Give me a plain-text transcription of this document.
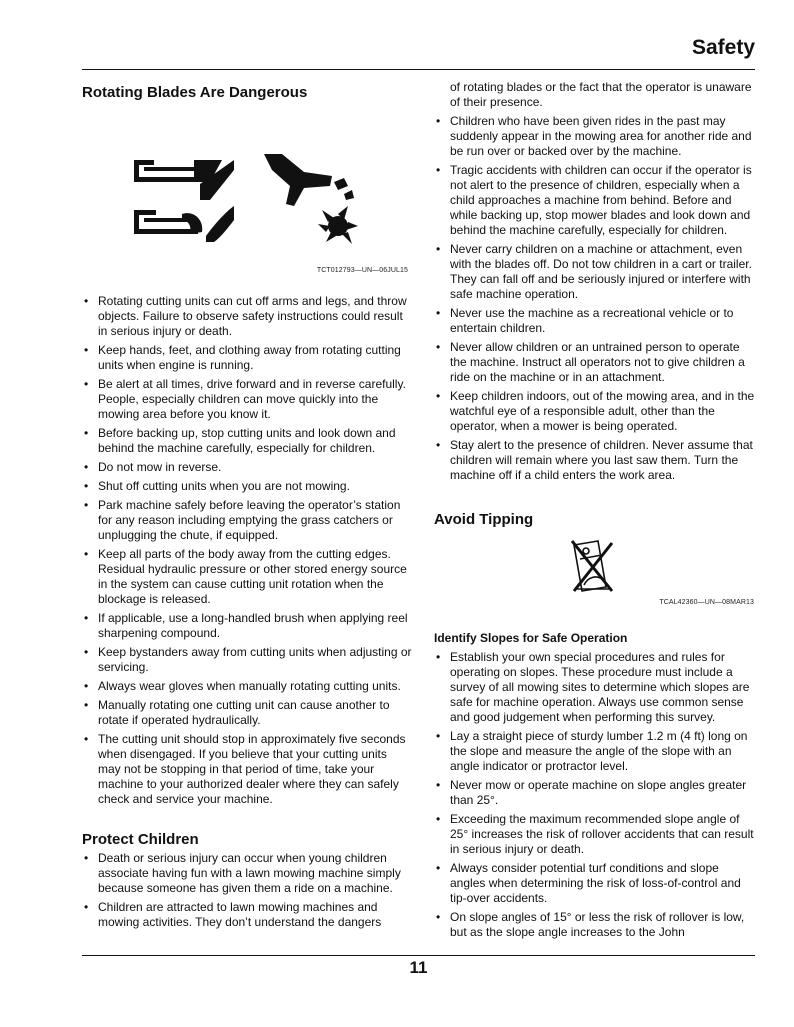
Safety
Rotating Blades Are Dangerous
TCT012793—UN—06JUL15
• Rotating cutting units can cut off arms and legs, and throw objects. Failure to observe safety instructions could result in serious injury or death.
• Keep hands, feet, and clothing away from rotating cutting units when engine is running.
• Be alert at all times, drive forward and in reverse carefully. People, especially children can move quickly into the mowing area before you know it.
• Before backing up, stop cutting units and look down and behind the machine carefully, especially for children.
• Do not mow in reverse.
• Shut off cutting units when you are not mowing.
• Park machine safely before leaving the operator’s station for any reason including emptying the grass catchers or unplugging the chute, if equipped.
• Keep all parts of the body away from the cutting edges. Residual hydraulic pressure or other stored energy source in the system can cause cutting unit rotation when the blockage is released.
• If applicable, use a long-handled brush when applying reel sharpening compound.
• Keep bystanders away from cutting units when adjusting or servicing.
• Always wear gloves when manually rotating cutting units.
• Manually rotating one cutting unit can cause another to rotate if operated hydraulically.
• The cutting unit should stop in approximately five seconds when disengaged. If you believe that your cutting units may not be stopping in that period of time, take your machine to your authorized dealer where they can safely check and service your machine.
Protect Children
• Death or serious injury can occur when young children associate having fun with a lawn mowing machine simply because someone has given them a ride on a machine.
• Children are attracted to lawn mowing machines and mowing activities. They don’t understand the dangers
of rotating blades or the fact that the operator is unaware of their presence.
• Children who have been given rides in the past may suddenly appear in the mowing area for another ride and be run over or backed over by the machine.
• Tragic accidents with children can occur if the operator is not alert to the presence of children, especially when a child approaches a machine from behind. Before and while backing up, stop mower blades and look down and behind the machine carefully, especially for children.
• Never carry children on a machine or attachment, even with the blades off. Do not tow children in a cart or trailer. They can fall off and be seriously injured or interfere with safe machine operation.
• Never use the machine as a recreational vehicle or to entertain children.
• Never allow children or an untrained person to operate the machine. Instruct all operators not to give children a ride on the machine or in an attachment.
• Keep children indoors, out of the mowing area, and in the watchful eye of a responsible adult, other than the operator, when a mower is being operated.
• Stay alert to the presence of children. Never assume that children will remain where you last saw them. Turn the machine off if a child enters the work area.
Avoid Tipping
TCAL42360—UN—08MAR13
Identify Slopes for Safe Operation
• Establish your own special procedures and rules for operating on slopes. These procedure must include a survey of all mowing sites to determine which slopes are safe for machine operation. Always use common sense and good judgement when performing this survey.
• Lay a straight piece of sturdy lumber 1.2 m (4 ft) long on the slope and measure the angle of the slope with an angle indicator or protractor level.
• Never mow or operate machine on slope angles greater than 25°.
• Exceeding the maximum recommended slope angle of 25° increases the risk of rollover accidents that can result in serious injury or death.
• Always consider potential turf conditions and slope angles when determining the risk of loss-of-control and tip-over accidents.
• On slope angles of 15° or less the risk of rollover is low, but as the slope angle increases to the John
11
